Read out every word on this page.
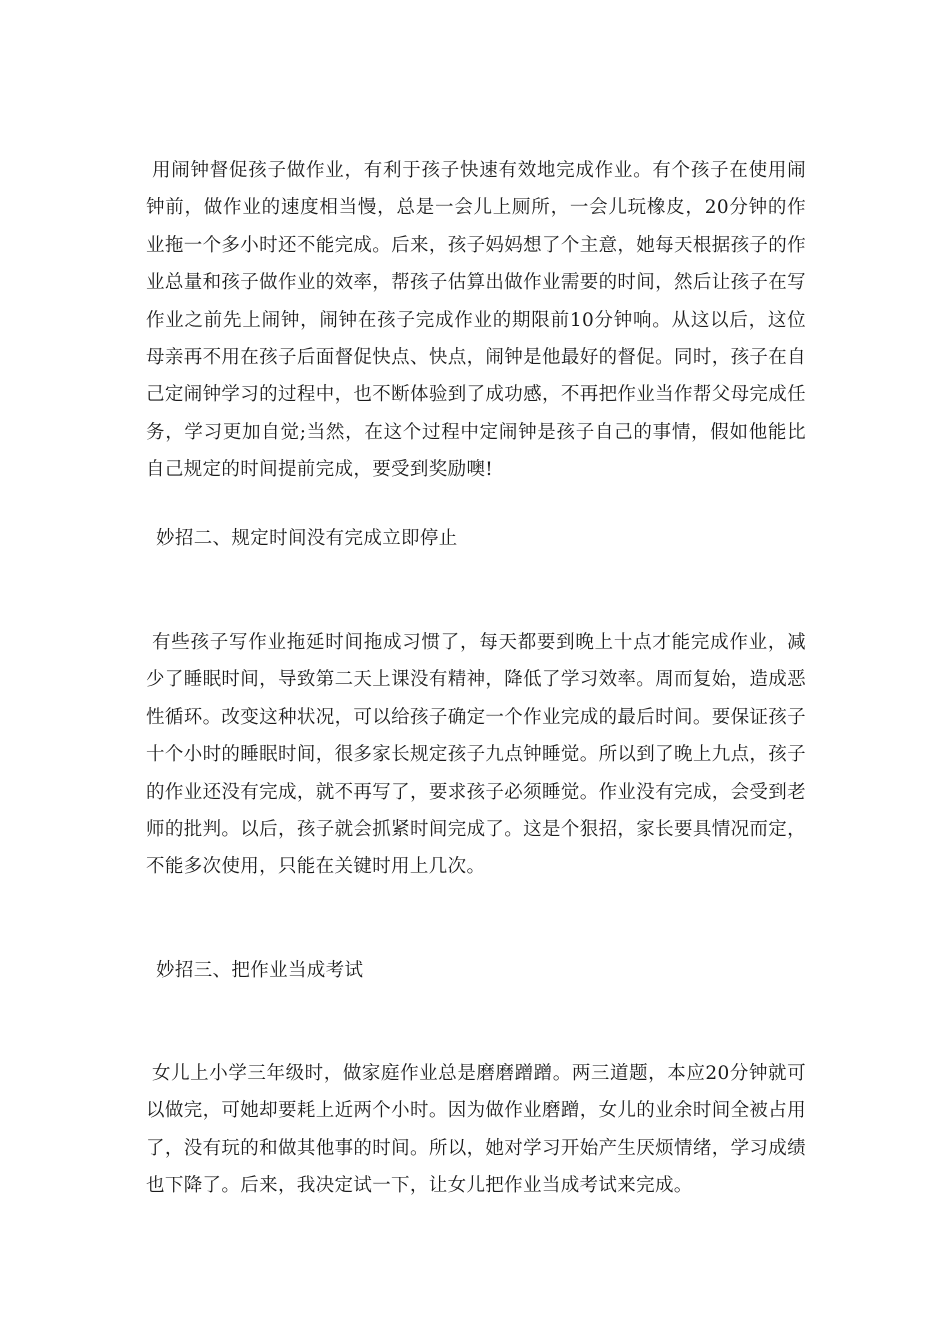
用闹钟督促孩子做作业，有利于孩子快速有效地完成作业。有个孩子在使用闹钟前，做作业的速度相当慢，总是一会儿上厕所，一会儿玩橡皮，20分钟的作业拖一个多小时还不能完成。后来，孩子妈妈想了个主意，她每天根据孩子的作业总量和孩子做作业的效率，帮孩子估算出做作业需要的时间，然后让孩子在写作业之前先上闹钟，闹钟在孩子完成作业的期限前10分钟响。从这以后，这位母亲再不用在孩子后面督促快点、快点，闹钟是他最好的督促。同时，孩子在自己定闹钟学习的过程中，也不断体验到了成功感，不再把作业当作帮父母完成任务，学习更加自觉;当然，在这个过程中定闹钟是孩子自己的事情，假如他能比自己规定的时间提前完成，要受到奖励噢!

妙招二、规定时间没有完成立即停止

有些孩子写作业拖延时间拖成习惯了，每天都要到晚上十点才能完成作业，减少了睡眠时间，导致第二天上课没有精神，降低了学习效率。周而复始，造成恶性循环。改变这种状况，可以给孩子确定一个作业完成的最后时间。要保证孩子十个小时的睡眠时间，很多家长规定孩子九点钟睡觉。所以到了晚上九点，孩子的作业还没有完成，就不再写了，要求孩子必须睡觉。作业没有完成，会受到老师的批判。以后，孩子就会抓紧时间完成了。这是个狠招，家长要具情况而定，不能多次使用，只能在关键时用上几次。

妙招三、把作业当成考试

女儿上小学三年级时，做家庭作业总是磨磨蹭蹭。两三道题，本应20分钟就可以做完，可她却要耗上近两个小时。因为做作业磨蹭，女儿的业余时间全被占用了，没有玩的和做其他事的时间。所以，她对学习开始产生厌烦情绪，学习成绩也下降了。后来，我决定试一下，让女儿把作业当成考试来完成。
